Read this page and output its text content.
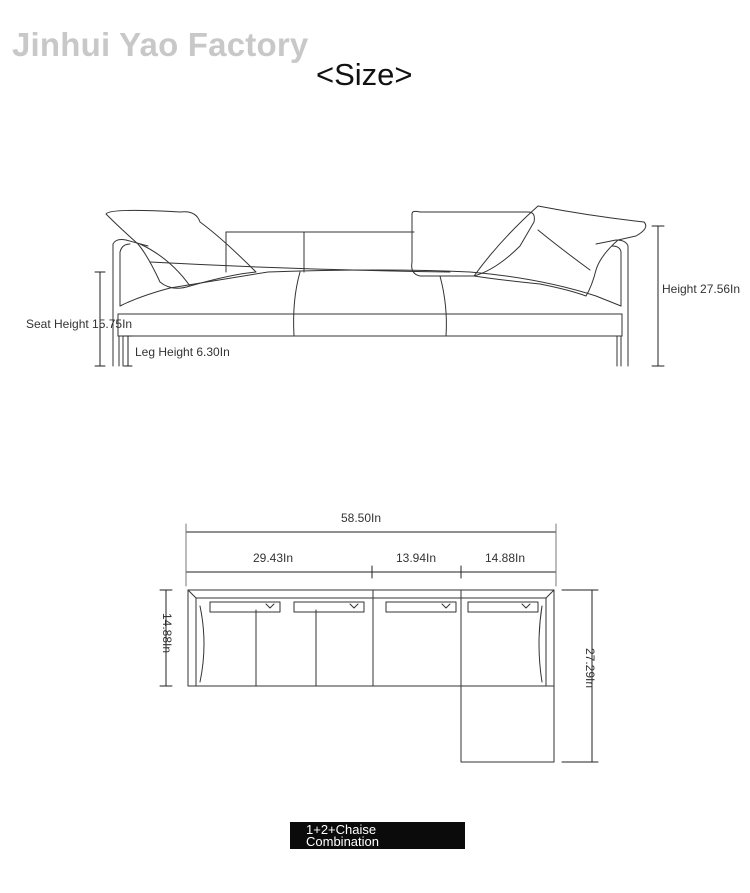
Jinhui Yao Factory
<Size>
Height 27.56In
Seat Height 15.75In
Leg Height 6.30In
58.50In
29.43In	13.94In	14.88In
14.88In
27.29In
1+2+Chaise
Combination
